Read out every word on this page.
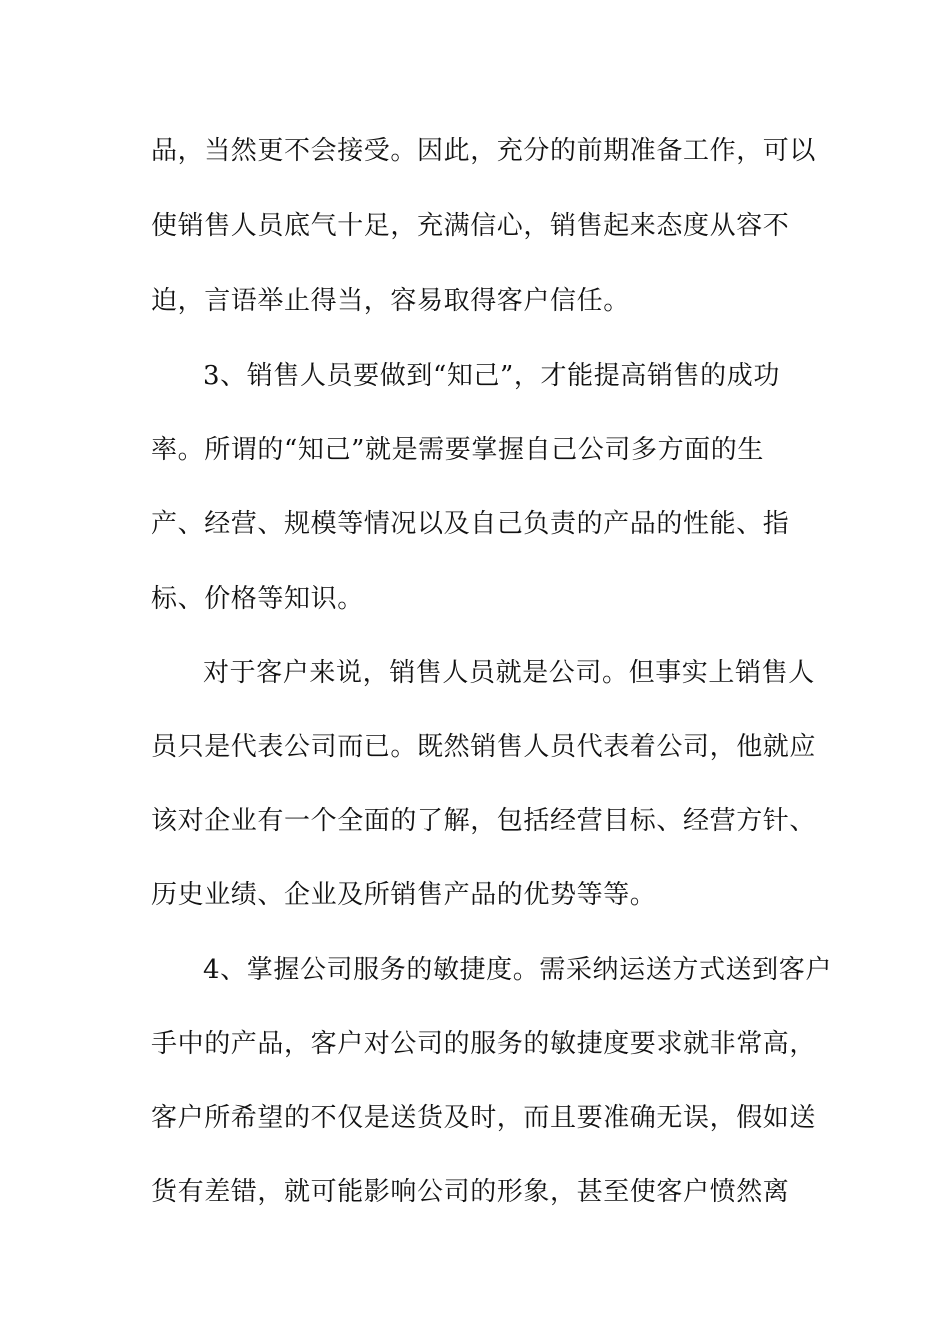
品，当然更不会接受。因此，充分的前期准备工作，可以
使销售人员底气十足，充满信心，销售起来态度从容不
迫，言语举止得当，容易取得客户信任。
3、销售人员要做到“知己”，才能提高销售的成功
率。所谓的“知己”就是需要掌握自己公司多方面的生
产、经营、规模等情况以及自己负责的产品的性能、指
标、价格等知识。
对于客户来说，销售人员就是公司。但事实上销售人
员只是代表公司而已。既然销售人员代表着公司，他就应
该对企业有一个全面的了解，包括经营目标、经营方针、
历史业绩、企业及所销售产品的优势等等。
4、掌握公司服务的敏捷度。需采纳运送方式送到客户
手中的产品，客户对公司的服务的敏捷度要求就非常高，
客户所希望的不仅是送货及时，而且要准确无误，假如送
货有差错，就可能影响公司的形象，甚至使客户愤然离
